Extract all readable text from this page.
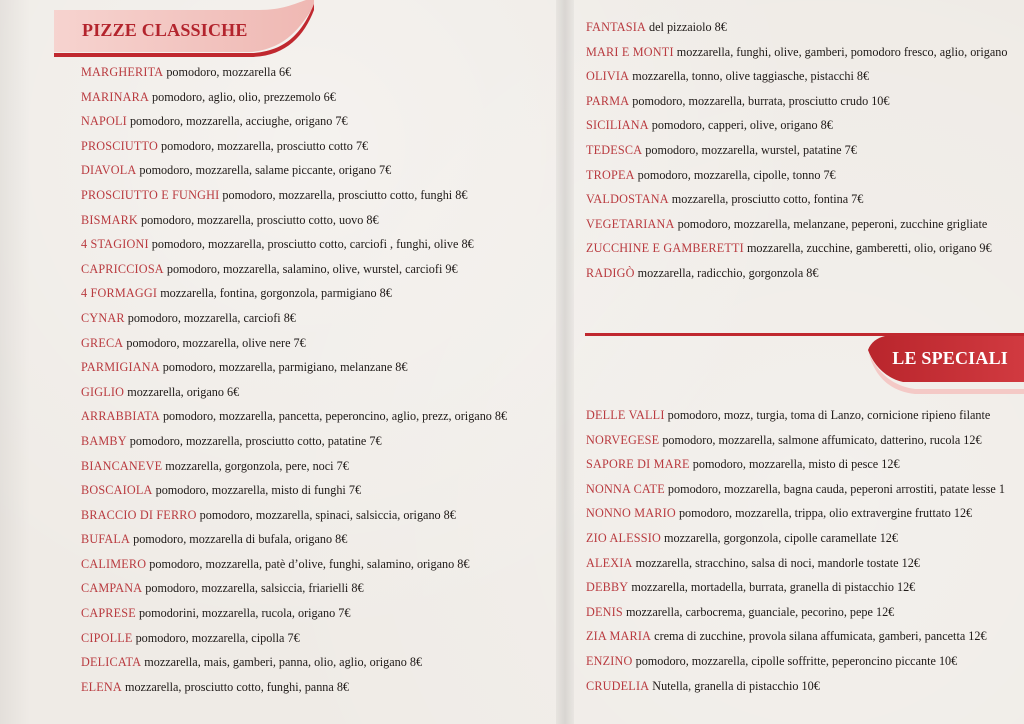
PIZZE CLASSICHE
MARGHERITA pomodoro, mozzarella 6€
MARINARA pomodoro, aglio, olio, prezzemolo 6€
NAPOLI pomodoro, mozzarella, acciughe, origano 7€
PROSCIUTTO pomodoro, mozzarella, prosciutto cotto 7€
DIAVOLA pomodoro, mozzarella, salame piccante, origano 7€
PROSCIUTTO E FUNGHI pomodoro, mozzarella, prosciutto cotto, funghi 8€
BISMARK pomodoro, mozzarella, prosciutto cotto, uovo 8€
4 STAGIONI pomodoro, mozzarella, prosciutto cotto, carciofi , funghi, olive 8€
CAPRICCIOSA pomodoro, mozzarella, salamino, olive, wurstel, carciofi 9€
4 FORMAGGI mozzarella, fontina, gorgonzola, parmigiano 8€
CYNAR pomodoro, mozzarella, carciofi 8€
GRECA pomodoro, mozzarella, olive nere 7€
PARMIGIANA pomodoro, mozzarella, parmigiano, melanzane 8€
GIGLIO mozzarella, origano 6€
ARRABBIATA pomodoro, mozzarella, pancetta, peperoncino, aglio, prezz, origano 8€
BAMBY pomodoro, mozzarella, prosciutto cotto, patatine 7€
BIANCANEVE mozzarella, gorgonzola, pere, noci 7€
BOSCAIOLA pomodoro, mozzarella, misto di funghi 7€
BRACCIO DI FERRO pomodoro, mozzarella, spinaci, salsiccia, origano 8€
BUFALA pomodoro, mozzarella di bufala, origano 8€
CALIMERO pomodoro, mozzarella, patè d’olive, funghi, salamino, origano 8€
CAMPANA pomodoro, mozzarella, salsiccia, friarielli 8€
CAPRESE pomodorini, mozzarella, rucola, origano 7€
CIPOLLE pomodoro, mozzarella, cipolla 7€
DELICATA mozzarella, mais, gamberi, panna, olio, aglio, origano 8€
ELENA mozzarella, prosciutto cotto, funghi, panna 8€
FANTASIA del pizzaiolo 8€
MARI E MONTI mozzarella, funghi, olive, gamberi, pomodoro fresco, aglio, origano
OLIVIA mozzarella, tonno, olive taggiasche, pistacchi 8€
PARMA pomodoro, mozzarella, burrata, prosciutto crudo 10€
SICILIANA pomodoro, capperi, olive, origano 8€
TEDESCA pomodoro, mozzarella, wurstel, patatine 7€
TROPEA pomodoro, mozzarella, cipolle, tonno 7€
VALDOSTANA mozzarella, prosciutto cotto, fontina 7€
VEGETARIANA pomodoro, mozzarella, melanzane, peperoni, zucchine grigliate
ZUCCHINE E GAMBERETTI mozzarella, zucchine, gamberetti, olio, origano 9€
RADIGÒ mozzarella, radicchio, gorgonzola 8€
LE SPECIALI
DELLE VALLI pomodoro, mozz, turgia, toma di Lanzo, cornicione ripieno filante
NORVEGESE pomodoro, mozzarella, salmone affumicato, datterino, rucola 12€
SAPORE DI MARE pomodoro, mozzarella, misto di pesce 12€
NONNA CATE pomodoro, mozzarella, bagna cauda, peperoni arrostiti, patate lesse 1
NONNO MARIO pomodoro, mozzarella, trippa, olio extravergine fruttato 12€
ZIO ALESSIO mozzarella, gorgonzola, cipolle caramellate 12€
ALEXIA mozzarella, stracchino, salsa di noci, mandorle tostate 12€
DEBBY mozzarella, mortadella, burrata, granella di pistacchio 12€
DENIS mozzarella, carbocrema, guanciale, pecorino, pepe 12€
ZIA MARIA crema di zucchine, provola silana affumicata, gamberi, pancetta 12€
ENZINO pomodoro, mozzarella, cipolle soffritte, peperoncino piccante 10€
CRUDELIA Nutella, granella di pistacchio 10€
